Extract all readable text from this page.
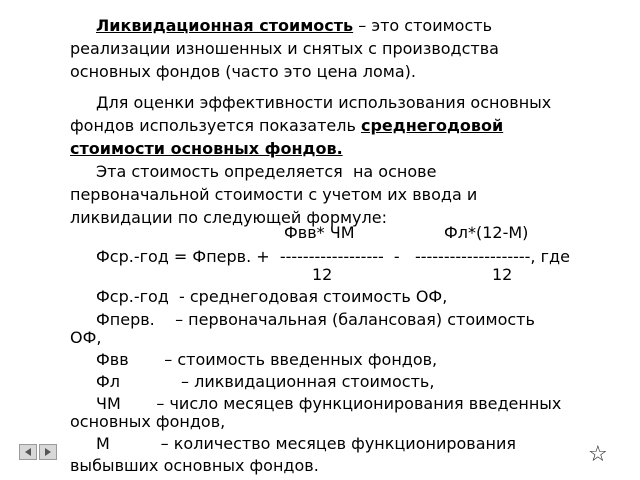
Ликвидационная стоимость – это стоимость
реализации изношенных и снятых с производства
основных фондов (часто это цена лома).
Для оценки эффективности использования основных
фондов используется показатель среднегодовой
стоимости основных фондов.
Эта стоимость определяется  на основе
первоначальной стоимости с учетом их ввода и
ликвидации по следующей формуле:
Фвв* ЧМ	Фл*(12-М)
Фср.-год = Фперв. +  ------------------  -   --------------------, где
12	12
Фср.-год  - среднегодовая стоимость ОФ,
Фперв.    – первоначальная (балансовая) стоимость
ОФ,
Фвв       – стоимость введенных фондов,
Фл            – ликвидационная стоимость,
ЧМ       – число месяцев функционирования введенных
основных фондов,
М          – количество месяцев функционирования
выбывших основных фондов.	☆
